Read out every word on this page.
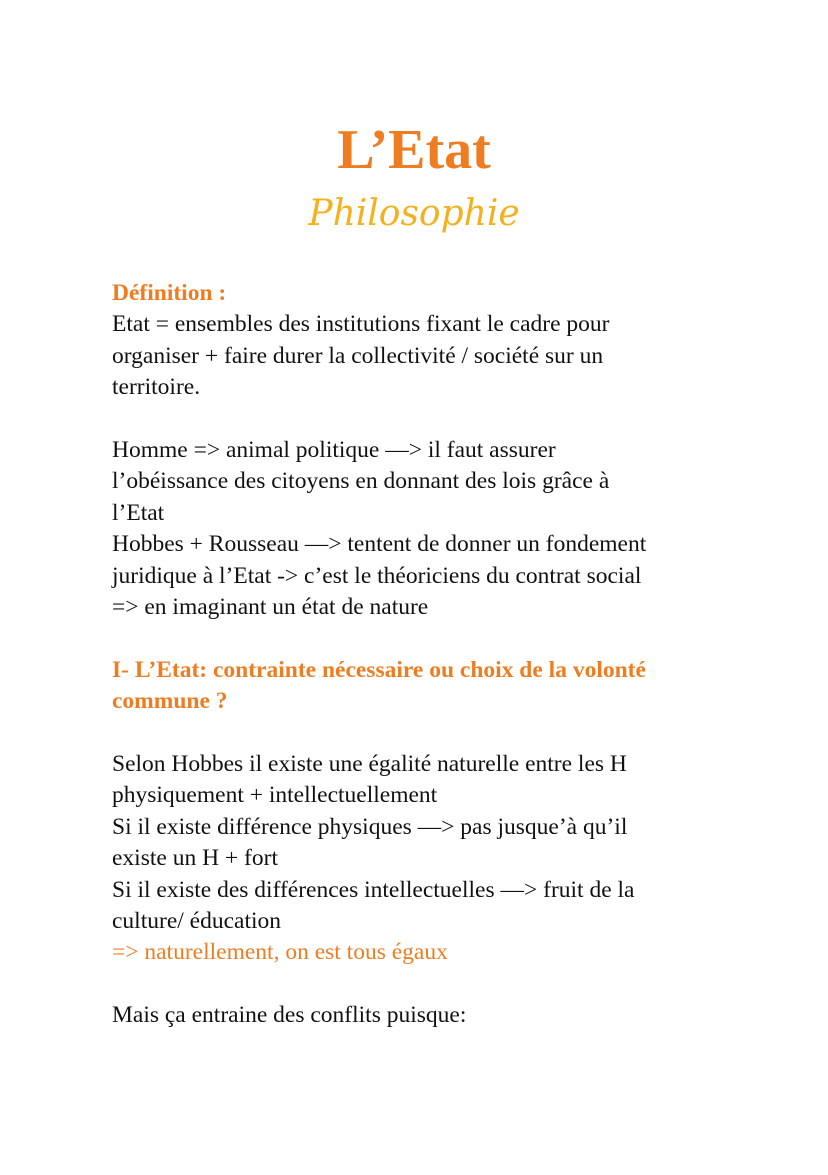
L’Etat
Philosophie
Définition :
Etat = ensembles des institutions fixant le cadre pour
organiser + faire durer la collectivité / société sur un
territoire.
Homme => animal politique —> il faut assurer
l’obéissance des citoyens en donnant des lois grâce à
l’Etat
Hobbes + Rousseau —> tentent de donner un fondement
juridique à l’Etat -> c’est le théoriciens du contrat social
=> en imaginant un état de nature
I- L’Etat: contrainte nécessaire ou choix de la volonté
commune ?
Selon Hobbes il existe une égalité naturelle entre les H
physiquement + intellectuellement
Si il existe différence physiques —> pas jusque’à qu’il
existe un H + fort
Si il existe des différences intellectuelles —> fruit de la
culture/ éducation
=> naturellement, on est tous égaux
Mais ça entraine des conflits puisque:
